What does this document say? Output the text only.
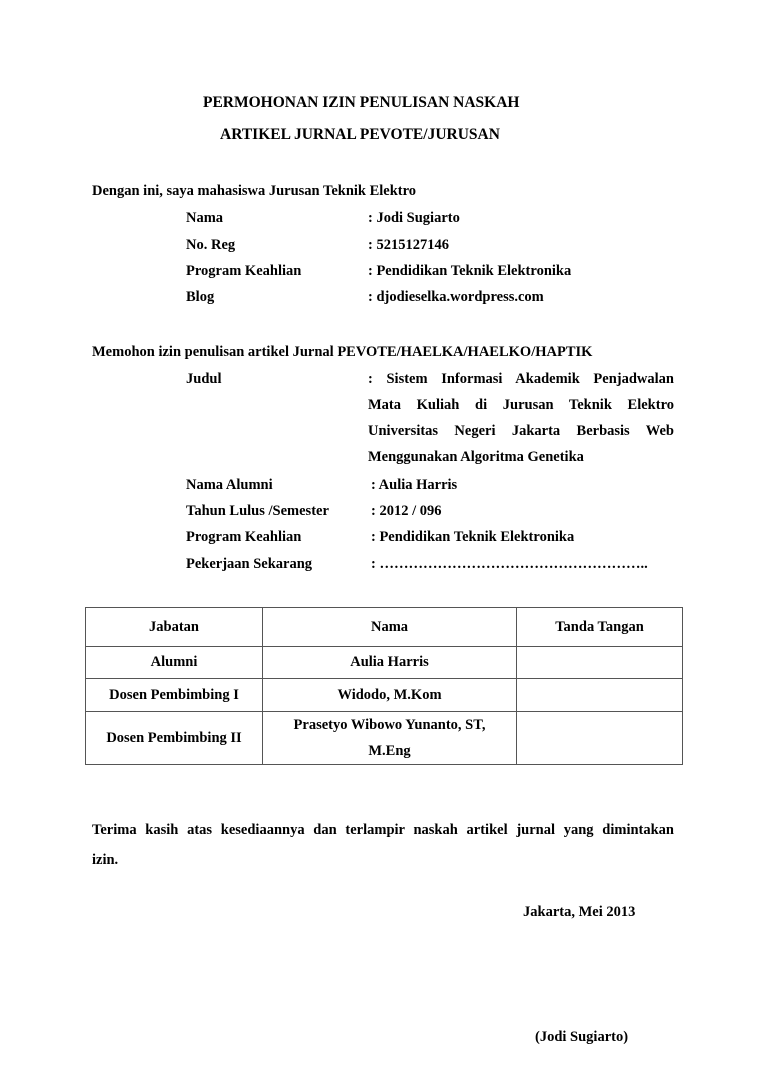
PERMOHONAN IZIN PENULISAN NASKAH
ARTIKEL JURNAL PEVOTE/JURUSAN
Dengan ini, saya mahasiswa Jurusan Teknik Elektro
Nama	: Jodi Sugiarto
No. Reg	: 5215127146
Program Keahlian	: Pendidikan Teknik Elektronika
Blog	: djodieselka.wordpress.com
Memohon izin penulisan artikel Jurnal PEVOTE/HAELKA/HAELKO/HAPTIK
Judul	: Sistem Informasi Akademik Penjadwalan
Mata Kuliah di Jurusan Teknik Elektro
Universitas Negeri Jakarta Berbasis Web
Menggunakan Algoritma Genetika
Nama Alumni	: Aulia Harris
Tahun Lulus /Semester	: 2012 / 096
Program Keahlian	: Pendidikan Teknik Elektronika
Pekerjaan Sekarang	: ………………………………………………..
Jabatan	Nama	Tanda Tangan
Alumni	Aulia Harris	
Dosen Pembimbing I	Widodo, M.Kom	
Dosen Pembimbing II	Prasetyo Wibowo Yunanto, ST,
M.Eng	

Terima kasih atas kesediaannya dan terlampir naskah artikel jurnal yang dimintakan
izin.
Jakarta, Mei 2013
(Jodi Sugiarto)
